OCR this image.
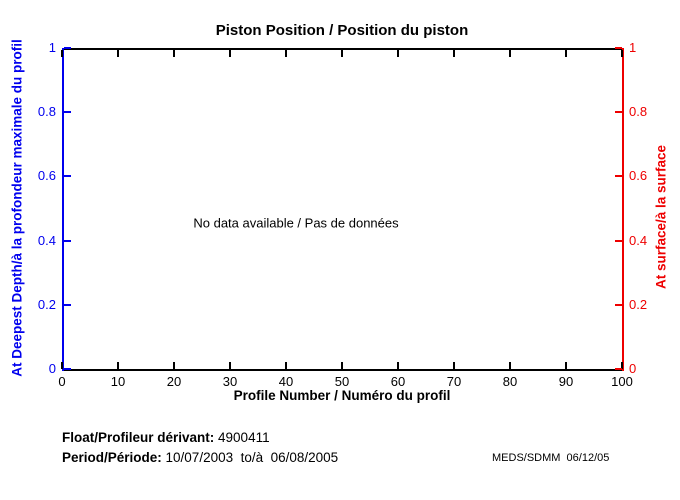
Piston Position / Position du piston
0	10	20	30	40	50	60	70	80	90	100
0
0.2
0.4
0.6
0.8
1
0
0.2
0.4
0.6
0.8
1
No data available / Pas de données
Profile Number / Numéro du profil
At Deepest Depth/à la profondeur maximale du profil	At surface/à la surface
Float/Profileur dérivant: 4900411
Period/Période: 10/07/2003  to/à  06/08/2005	MEDS/SDMM  06/12/05
